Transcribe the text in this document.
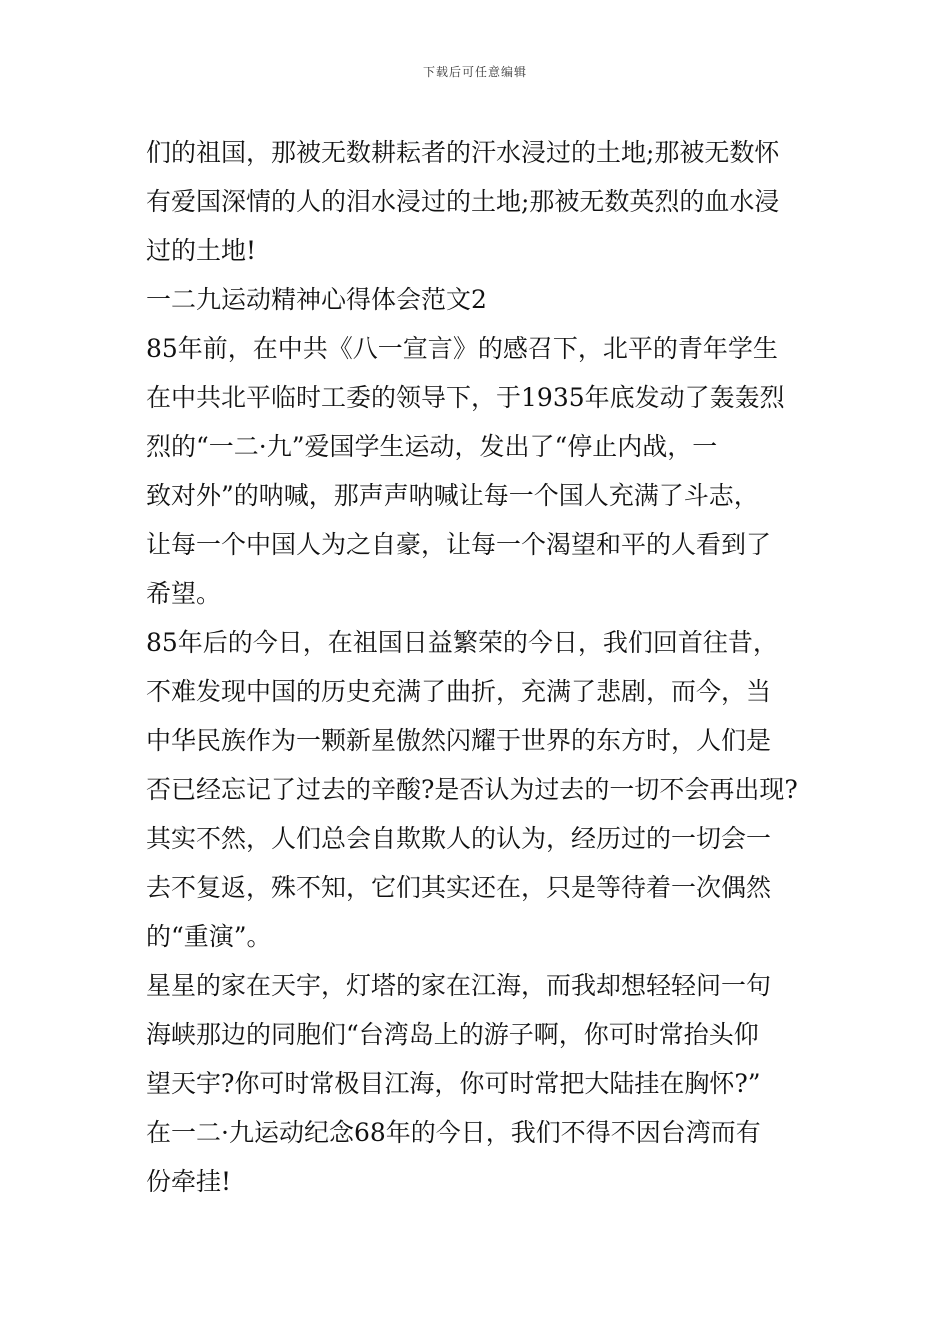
下载后可任意编辑
们的祖国，那被无数耕耘者的汗水浸过的土地;那被无数怀
有爱国深情的人的泪水浸过的土地;那被无数英烈的血水浸
过的土地!
一二九运动精神心得体会范文2
85年前，在中共《八一宣言》的感召下，北平的青年学生
在中共北平临时工委的领导下，于1935年底发动了轰轰烈
烈的“一二·九”爱国学生运动，发出了“停止内战，一
致对外”的呐喊，那声声呐喊让每一个国人充满了斗志，
让每一个中国人为之自豪，让每一个渴望和平的人看到了
希望。
85年后的今日，在祖国日益繁荣的今日，我们回首往昔，
不难发现中国的历史充满了曲折，充满了悲剧，而今，当
中华民族作为一颗新星傲然闪耀于世界的东方时，人们是
否已经忘记了过去的辛酸?是否认为过去的一切不会再出现?
其实不然，人们总会自欺欺人的认为，经历过的一切会一
去不复返，殊不知，它们其实还在，只是等待着一次偶然
的“重演”。
星星的家在天宇，灯塔的家在江海，而我却想轻轻问一句
海峡那边的同胞们“台湾岛上的游子啊，你可时常抬头仰
望天宇?你可时常极目江海，你可时常把大陆挂在胸怀?”
在一二·九运动纪念68年的今日，我们不得不因台湾而有
份牵挂!
